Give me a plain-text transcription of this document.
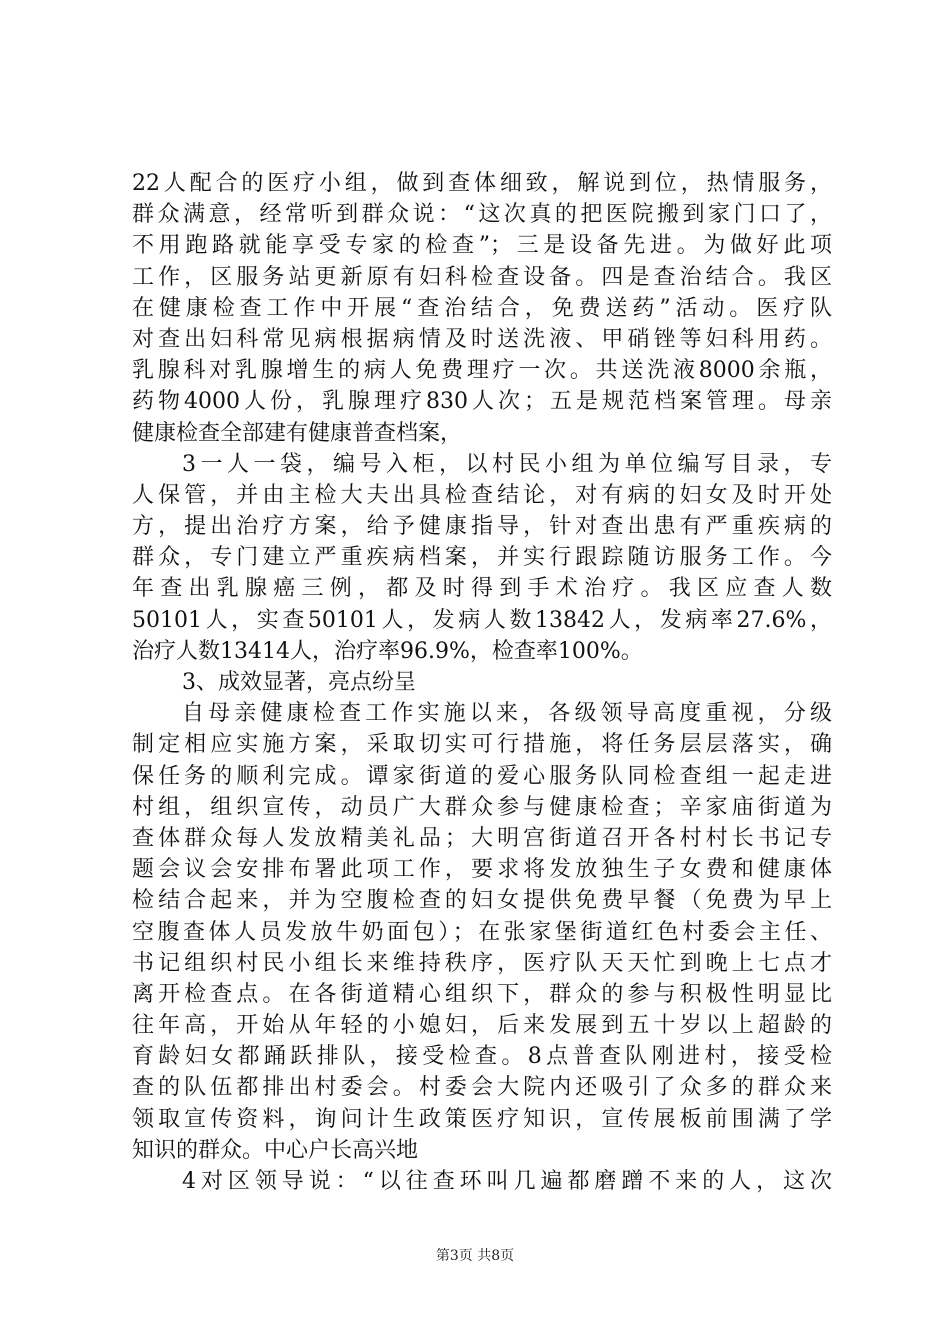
22人配合的医疗小组，做到查体细致，解说到位，热情服务，
群众满意，经常听到群众说：“这次真的把医院搬到家门口了，
不用跑路就能享受专家的检查”；三是设备先进。为做好此项
工作，区服务站更新原有妇科检查设备。四是查治结合。我区
在健康检查工作中开展“查治结合，免费送药”活动。医疗队
对查出妇科常见病根据病情及时送洗液、甲硝锉等妇科用药。
乳腺科对乳腺增生的病人免费理疗一次。共送洗液8000余瓶，
药物4000人份，乳腺理疗830人次；五是规范档案管理。母亲
健康检查全部建有健康普查档案，
3一人一袋，编号入柜，以村民小组为单位编写目录，专
人保管，并由主检大夫出具检查结论，对有病的妇女及时开处
方，提出治疗方案，给予健康指导，针对查出患有严重疾病的
群众，专门建立严重疾病档案，并实行跟踪随访服务工作。今
年查出乳腺癌三例，都及时得到手术治疗。我区应查人数
50101人，实查50101人，发病人数13842人，发病率27.6%，
治疗人数13414人，治疗率96.9%，检查率100%。
3、成效显著，亮点纷呈
自母亲健康检查工作实施以来，各级领导高度重视，分级
制定相应实施方案，采取切实可行措施，将任务层层落实，确
保任务的顺利完成。谭家街道的爱心服务队同检查组一起走进
村组，组织宣传，动员广大群众参与健康检查；辛家庙街道为
查体群众每人发放精美礼品；大明宫街道召开各村村长书记专
题会议会安排布署此项工作，要求将发放独生子女费和健康体
检结合起来，并为空腹检查的妇女提供免费早餐（免费为早上
空腹查体人员发放牛奶面包）；在张家堡街道红色村委会主任、
书记组织村民小组长来维持秩序，医疗队天天忙到晚上七点才
离开检查点。在各街道精心组织下，群众的参与积极性明显比
往年高，开始从年轻的小媳妇，后来发展到五十岁以上超龄的
育龄妇女都踊跃排队，接受检查。8点普查队刚进村，接受检
查的队伍都排出村委会。村委会大院内还吸引了众多的群众来
领取宣传资料，询问计生政策医疗知识，宣传展板前围满了学
知识的群众。中心户长高兴地
4对区领导说：“以往查环叫几遍都磨蹭不来的人，这次
第3页 共8页
